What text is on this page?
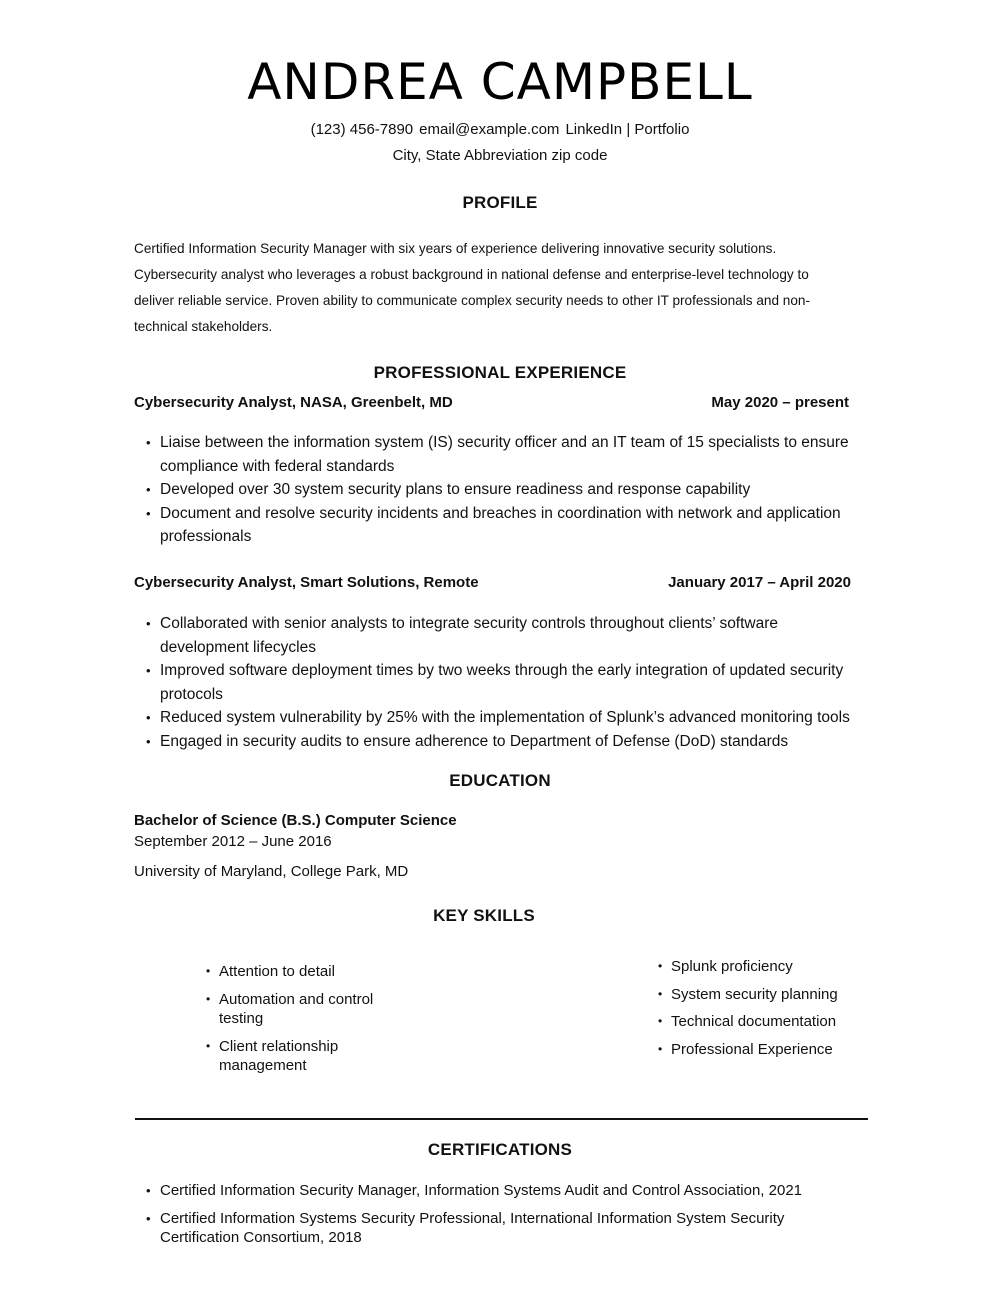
ANDREA CAMPBELL
(123) 456-7890 email@example.com LinkedIn | Portfolio
City, State Abbreviation zip code
PROFILE
Certified Information Security Manager with six years of experience delivering innovative security solutions. Cybersecurity analyst who leverages a robust background in national defense and enterprise-level technology to deliver reliable service. Proven ability to communicate complex security needs to other IT professionals and non-technical stakeholders.
PROFESSIONAL EXPERIENCE
Cybersecurity Analyst, NASA, Greenbelt, MD	May 2020 – present
• Liaise between the information system (IS) security officer and an IT team of 15 specialists to ensure compliance with federal standards
• Developed over 30 system security plans to ensure readiness and response capability
• Document and resolve security incidents and breaches in coordination with network and application professionals
Cybersecurity Analyst, Smart Solutions, Remote	January 2017 – April 2020
• Collaborated with senior analysts to integrate security controls throughout clients’ software development lifecycles
• Improved software deployment times by two weeks through the early integration of updated security protocols
• Reduced system vulnerability by 25% with the implementation of Splunk’s advanced monitoring tools
• Engaged in security audits to ensure adherence to Department of Defense (DoD) standards
EDUCATION
Bachelor of Science (B.S.) Computer Science
September 2012 – June 2016
University of Maryland, College Park, MD
KEY SKILLS
• Attention to detail
• Automation and control testing
• Client relationship management
• Splunk proficiency
• System security planning
• Technical documentation
• Professional Experience
CERTIFICATIONS
• Certified Information Security Manager, Information Systems Audit and Control Association, 2021
• Certified Information Systems Security Professional, International Information System Security Certification Consortium, 2018
